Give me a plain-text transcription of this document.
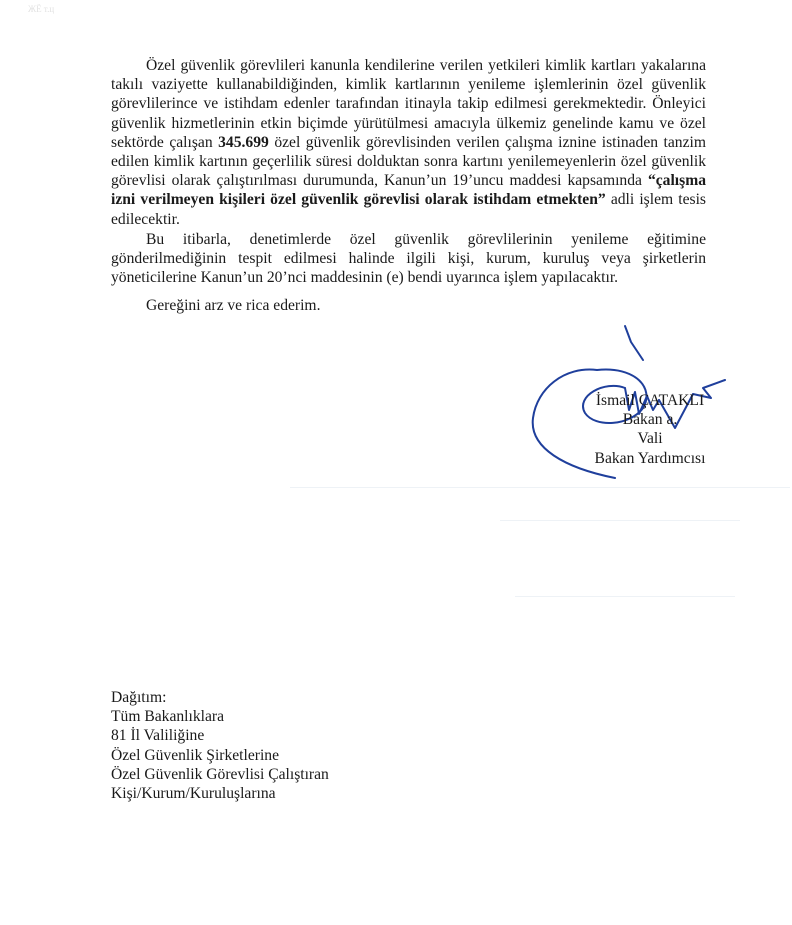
ЖЁ т.ц

Özel güvenlik görevlileri kanunla kendilerine verilen yetkileri kimlik kartları yakalarına takılı vaziyette kullanabildiğinden, kimlik kartlarının yenileme işlemlerinin özel güvenlik görevlilerince ve istihdam edenler tarafından itinayla takip edilmesi gerekmektedir. Önleyici güvenlik hizmetlerinin etkin biçimde yürütülmesi amacıyla ülkemiz genelinde kamu ve özel sektörde çalışan 345.699 özel güvenlik görevlisinden verilen çalışma iznine istinaden tanzim edilen kimlik kartının geçerlilik süresi dolduktan sonra kartını yenilemeyenlerin özel güvenlik görevlisi olarak çalıştırılması durumunda, Kanun’un 19’uncu maddesi kapsamında “çalışma izni verilmeyen kişileri özel güvenlik görevlisi olarak istihdam etmekten” adli işlem tesis edilecektir.

Bu itibarla, denetimlerde özel güvenlik görevlilerinin yenileme eğitimine gönderilmediğinin tespit edilmesi halinde ilgili kişi, kurum, kuruluş veya şirketlerin yöneticilerine Kanun’un 20’nci maddesinin (e) bendi uyarınca işlem yapılacaktır.

Gereğini arz ve rica ederim.

İsmail ÇATAKLI
Bakan a.
Vali
Bakan Yardımcısı
Dağıtım:
Tüm Bakanlıklara
81 İl Valiliğine
Özel Güvenlik Şirketlerine
Özel Güvenlik Görevlisi Çalıştıran
Kişi/Kurum/Kuruluşlarına
